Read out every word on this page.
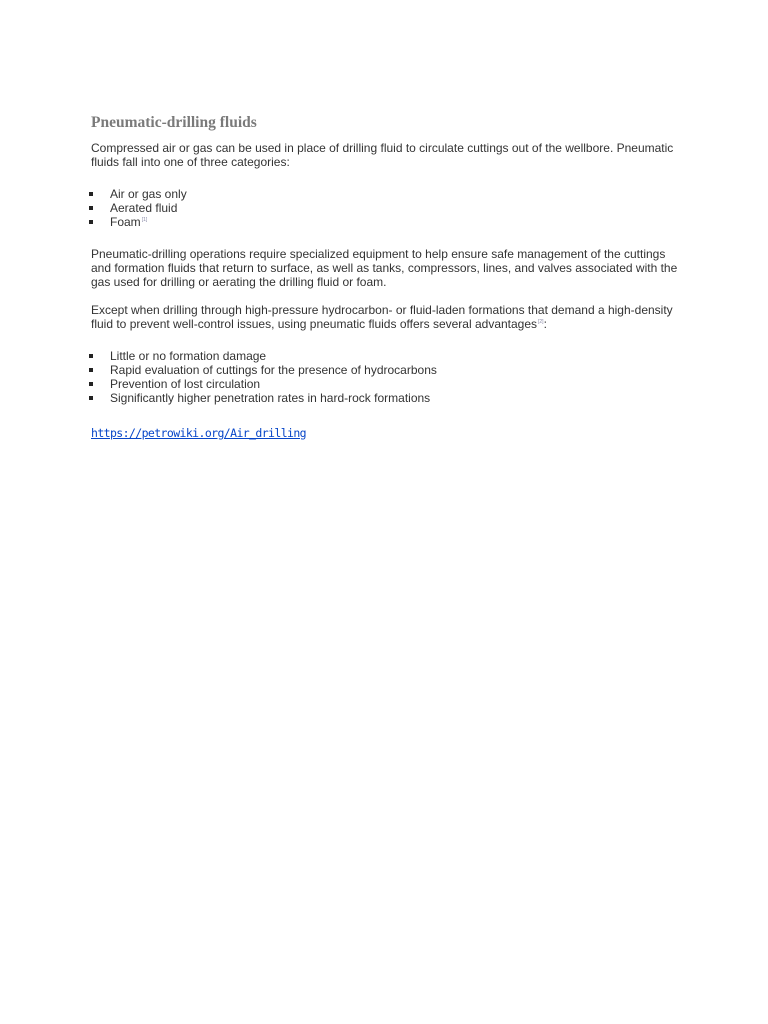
Pneumatic-drilling fluids

Compressed air or gas can be used in place of drilling fluid to circulate cuttings out of the wellbore. Pneumatic fluids fall into one of three categories:

Air or gas only
Aerated fluid
Foam[1]

Pneumatic-drilling operations require specialized equipment to help ensure safe management of the cuttings and formation fluids that return to surface, as well as tanks, compressors, lines, and valves associated with the gas used for drilling or aerating the drilling fluid or foam.

Except when drilling through high-pressure hydrocarbon- or fluid-laden formations that demand a high-density fluid to prevent well-control issues, using pneumatic fluids offers several advantages[2]:

Little or no formation damage
Rapid evaluation of cuttings for the presence of hydrocarbons
Prevention of lost circulation
Significantly higher penetration rates in hard-rock formations
https://petrowiki.org/Air_drilling
